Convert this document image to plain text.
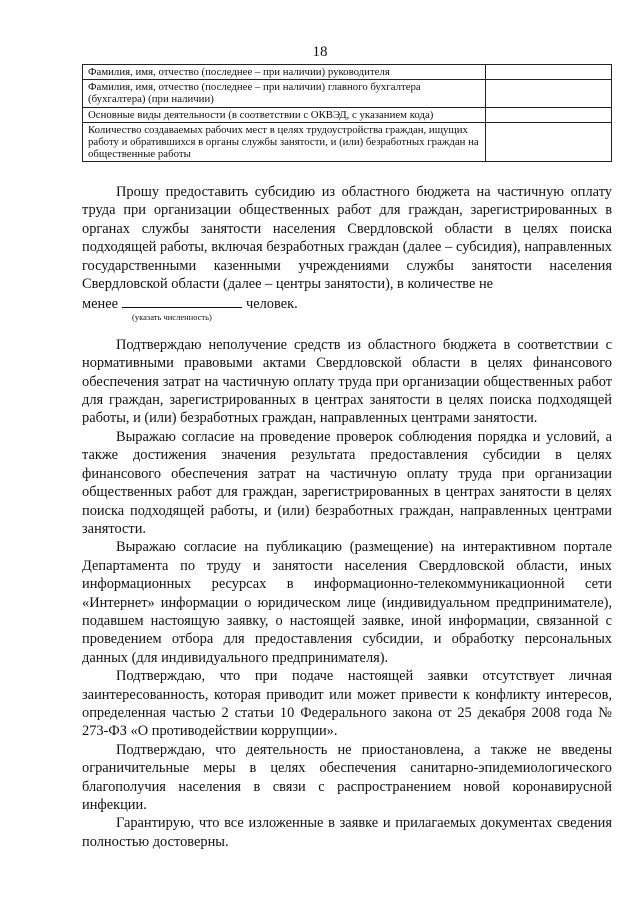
18
Фамилия, имя, отчество (последнее – при наличии) руководителя	
Фамилия, имя, отчество (последнее – при наличии) главного бухгалтера (бухгалтера) (при наличии)	
Основные виды деятельности (в соответствии с ОКВЭД, с указанием кода)	
Количество создаваемых рабочих мест в целях трудоустройства граждан, ищущих работу и обратившихся в органы службы занятости, и (или) безработных граждан на общественные работы	

Прошу предоставить субсидию из областного бюджета на частичную оплату труда при организации общественных работ для граждан, зарегистрированных в органах службы занятости населения Свердловской области в целях поиска подходящей работы, включая безработных граждан (далее – субсидия), направленных государственными казенными учреждениями службы занятости населения Свердловской области (далее – центры занятости), в количестве не

менее	человек.
(указать численность)

Подтверждаю неполучение средств из областного бюджета в соответствии с нормативными правовыми актами Свердловской области в целях финансового обеспечения затрат на частичную оплату труда при организации общественных работ для граждан, зарегистрированных в центрах занятости в целях поиска подходящей работы, и (или) безработных граждан, направленных центрами занятости.

Выражаю согласие на проведение проверок соблюдения порядка и условий, а также достижения значения результата предоставления субсидии в целях финансового обеспечения затрат на частичную оплату труда при организации общественных работ для граждан, зарегистрированных в центрах занятости в целях поиска подходящей работы, и (или) безработных граждан, направленных центрами занятости.

Выражаю согласие на публикацию (размещение) на интерактивном портале Департамента по труду и занятости населения Свердловской области, иных информационных ресурсах в информационно-телекоммуникационной сети «Интернет» информации о юридическом лице (индивидуальном предпринимателе), подавшем настоящую заявку, о настоящей заявке, иной информации, связанной с проведением отбора для предоставления субсидии, и обработку персональных данных (для индивидуального предпринимателя).

Подтверждаю, что при подаче настоящей заявки отсутствует личная заинтересованность, которая приводит или может привести к конфликту интересов, определенная частью 2 статьи 10 Федерального закона от 25 декабря 2008 года № 273-ФЗ «О противодействии коррупции».

Подтверждаю, что деятельность не приостановлена, а также не введены ограничительные меры в целях обеспечения санитарно-эпидемиологического благополучия населения в связи с распространением новой коронавирусной инфекции.

Гарантирую, что все изложенные в заявке и прилагаемых документах сведения полностью достоверны.
